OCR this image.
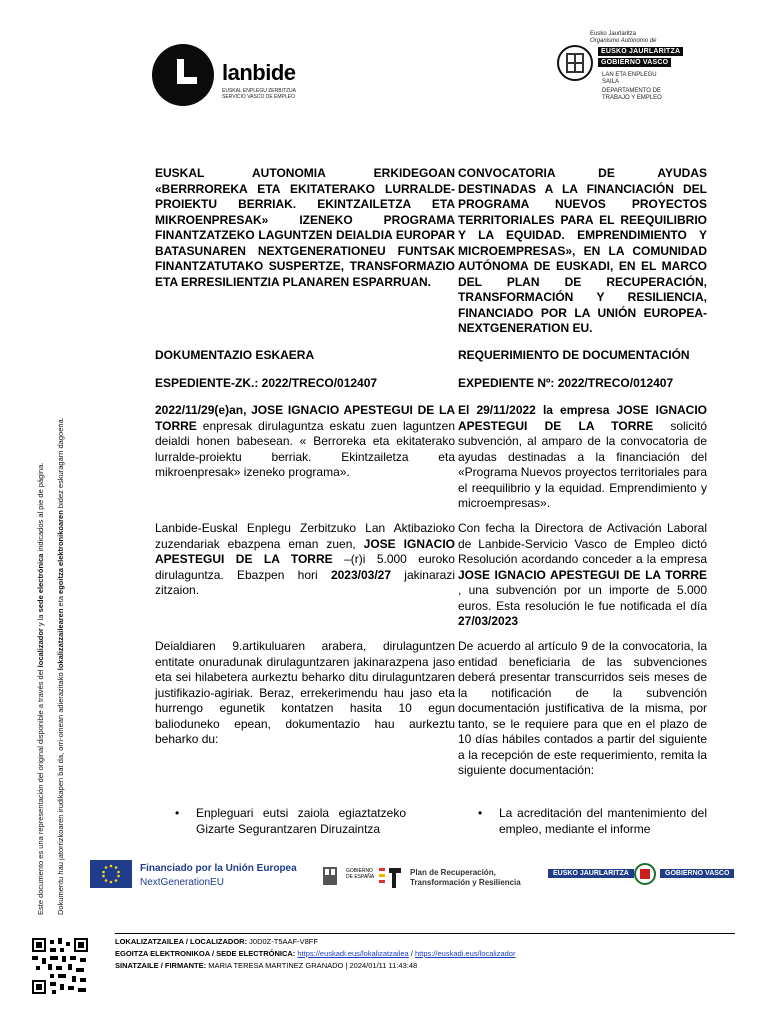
lanbide
EUSKAL ENPLEGU ZERBITZUA SERVICIO VASCO DE EMPLEO
Eusko Jaurlaritza
Organismo Autónomo de
EUSKO JAURLARITZA
GOBIERNO VASCO
LAN ETA ENPLEGU SAILA
DEPARTAMENTO DE TRABAJO Y EMPLEO
EUSKAL AUTONOMIA ERKIDEGOAN «BERRROREKA ETA EKITATERAKO LURRALDE-PROIEKTU BERRIAK. EKINTZAILETZA ETA MIKROENPRESAK» IZENEKO PROGRAMA FINANTZATZEKO LAGUNTZEN DEIALDIA EUROPAR BATASUNAREN NEXTGENERATIONEU FUNTSAK FINANTZATUTAKO SUSPERTZE, TRANSFORMAZIO ETA ERRESILIENTZIA PLANAREN ESPARRUAN.
DOKUMENTAZIO ESKAERA
ESPEDIENTE-ZK.: 2022/TRECO/012407
2022/11/29(e)an, JOSE IGNACIO APESTEGUI DE LA TORRE enpresak dirulaguntza eskatu zuen laguntzen deialdi honen babesean. « Berroreka eta ekitaterako lurralde-proiektu berriak. Ekintzailetza eta mikroenpresak» izeneko programa».
Lanbide-Euskal Enplegu Zerbitzuko Lan Aktibazioko zuzendariak ebazpena eman zuen, JOSE IGNACIO APESTEGUI DE LA TORRE –(r)i 5.000 euroko dirulaguntza. Ebazpen hori 2023/03/27 jakinarazi zitzaion.
Deialdiaren 9.artikuluaren arabera, dirulaguntzen entitate onuradunak dirulaguntzaren jakinarazpena jaso eta sei hilabetera aurkeztu beharko ditu dirulaguntzaren justifikazio-agiriak. Beraz, errekerimendu hau jaso eta hurrengo egunetik kontatzen hasita 10 egun balioduneko epean, dokumentazio hau aurkeztu beharko du:
• Enpleguari eutsi zaiola egiaztatzeko Gizarte Segurantzaren Diruzaintza
CONVOCATORIA DE AYUDAS DESTINADAS A LA FINANCIACIÓN DEL PROGRAMA NUEVOS PROYECTOS TERRITORIALES PARA EL REEQUILIBRIO Y LA EQUIDAD. EMPRENDIMIENTO Y MICROEMPRESAS», EN LA COMUNIDAD AUTÓNOMA DE EUSKADI, EN EL MARCO DEL PLAN DE RECUPERACIÓN, TRANSFORMACIÓN Y RESILIENCIA, FINANCIADO POR LA UNIÓN EUROPEA-NEXTGENERATION EU.
REQUERIMIENTO DE DOCUMENTACIÓN
EXPEDIENTE Nº: 2022/TRECO/012407
El 29/11/2022 la empresa JOSE IGNACIO APESTEGUI DE LA TORRE solicitó subvención, al amparo de la convocatoria de ayudas destinadas a la financiación del «Programa Nuevos proyectos territoriales para el reequilibrio y la equidad. Emprendimiento y microempresas».
Con fecha la Directora de Activación Laboral de Lanbide-Servicio Vasco de Empleo dictó Resolución acordando conceder a la empresa JOSE IGNACIO APESTEGUI DE LA TORRE , una subvención por un importe de 5.000 euros. Esta resolución le fue notificada el día 27/03/2023
De acuerdo al artículo 9 de la convocatoria, la entidad beneficiaria de las subvenciones deberá presentar transcurridos seis meses de la notificación de la subvención documentación justificativa de la misma, por tanto, se le requiere para que en el plazo de 10 días hábiles contados a partir del siguiente a la recepción de este requerimiento, remita la siguiente documentación:
• La acreditación del mantenimiento del empleo, mediante el informe
Este documento es una representación del original disponible a través del localizador y la sede electrónica indicados al pie de página.
Dokumentu hau jatorrizkoaren irudikapen bat da, orri-oinean adierazitako lokalizatzailearen eta egoitza elektronikoaren bidez eskuragarri dagoena.
Financiado por la Unión Europea
NextGenerationEU
GOBIERNO
DE ESPAÑA	Plan de Recuperación,
Transformación y Resiliencia
EUSKO JAURLARITZA	GOBIERNO VASCO
LOKALIZATZAILEA / LOCALIZADOR: J0D0Z-T5AAF-V8FF
EGOITZA ELEKTRONIKOA / SEDE ELECTRÓNICA: https://euskadi.eus/lokalizatzailea / https://euskadi.eus/localizador
SINATZAILE / FIRMANTE: MARIA TERESA MARTINEZ GRANADO | 2024/01/11 11:43:48
